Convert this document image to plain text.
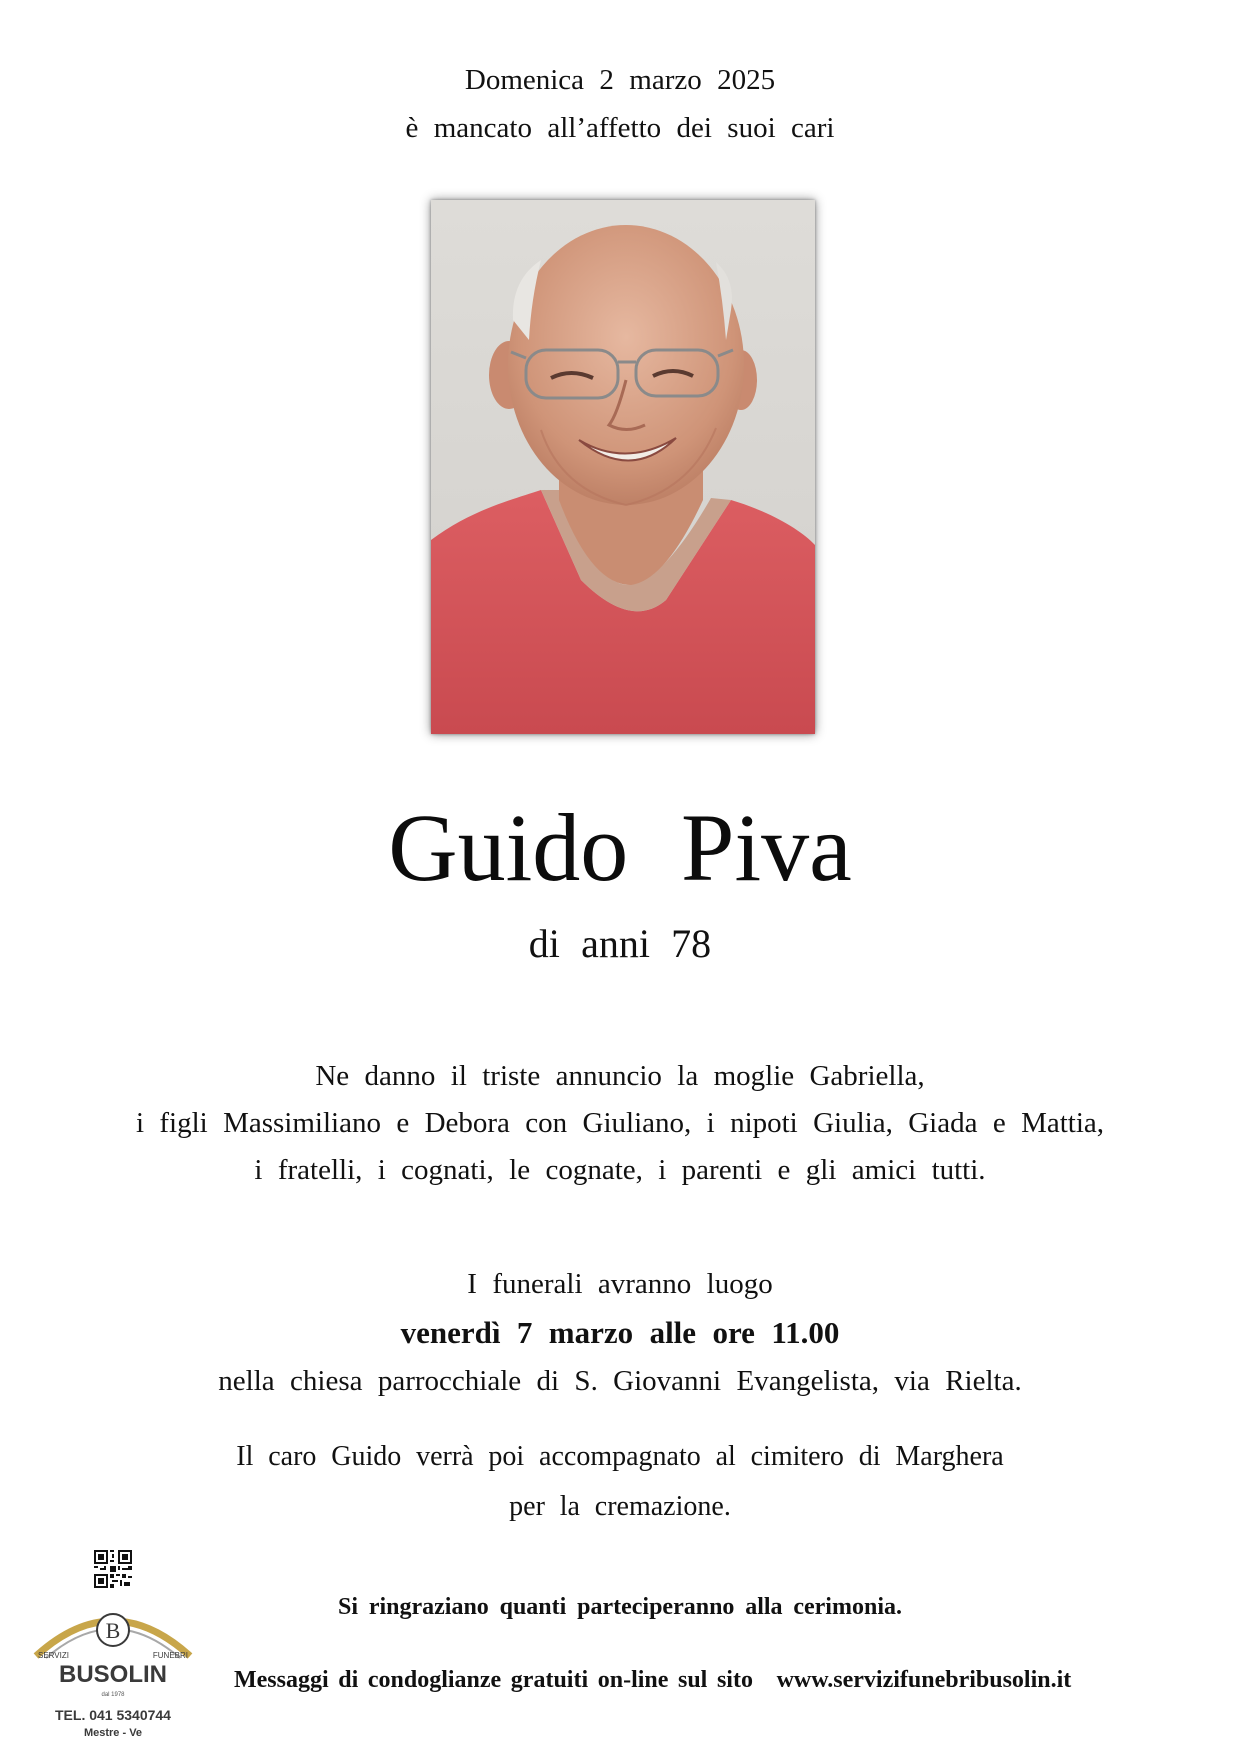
Domenica 2 marzo 2025
è mancato all’affetto dei suoi cari
Guido Piva
di anni 78
Ne danno il triste annuncio la moglie Gabriella,
i figli Massimiliano e Debora con Giuliano, i nipoti Giulia, Giada e Mattia,
i fratelli, i cognati, le cognate, i parenti e gli amici tutti.
I funerali avranno luogo
venerdì 7 marzo alle ore 11.00
nella chiesa parrocchiale di S. Giovanni Evangelista, via Rielta.
Il caro Guido verrà poi accompagnato al cimitero di Marghera
per la cremazione.
Si ringraziano quanti parteciperanno alla cerimonia.
Messaggi di condoglianze gratuiti on-line sul sito www.servizifunebribusolin.it
B
SERVIZI	FUNEBRI
BUSOLIN
dal 1978
TEL. 041 5340744
Mestre - Ve
